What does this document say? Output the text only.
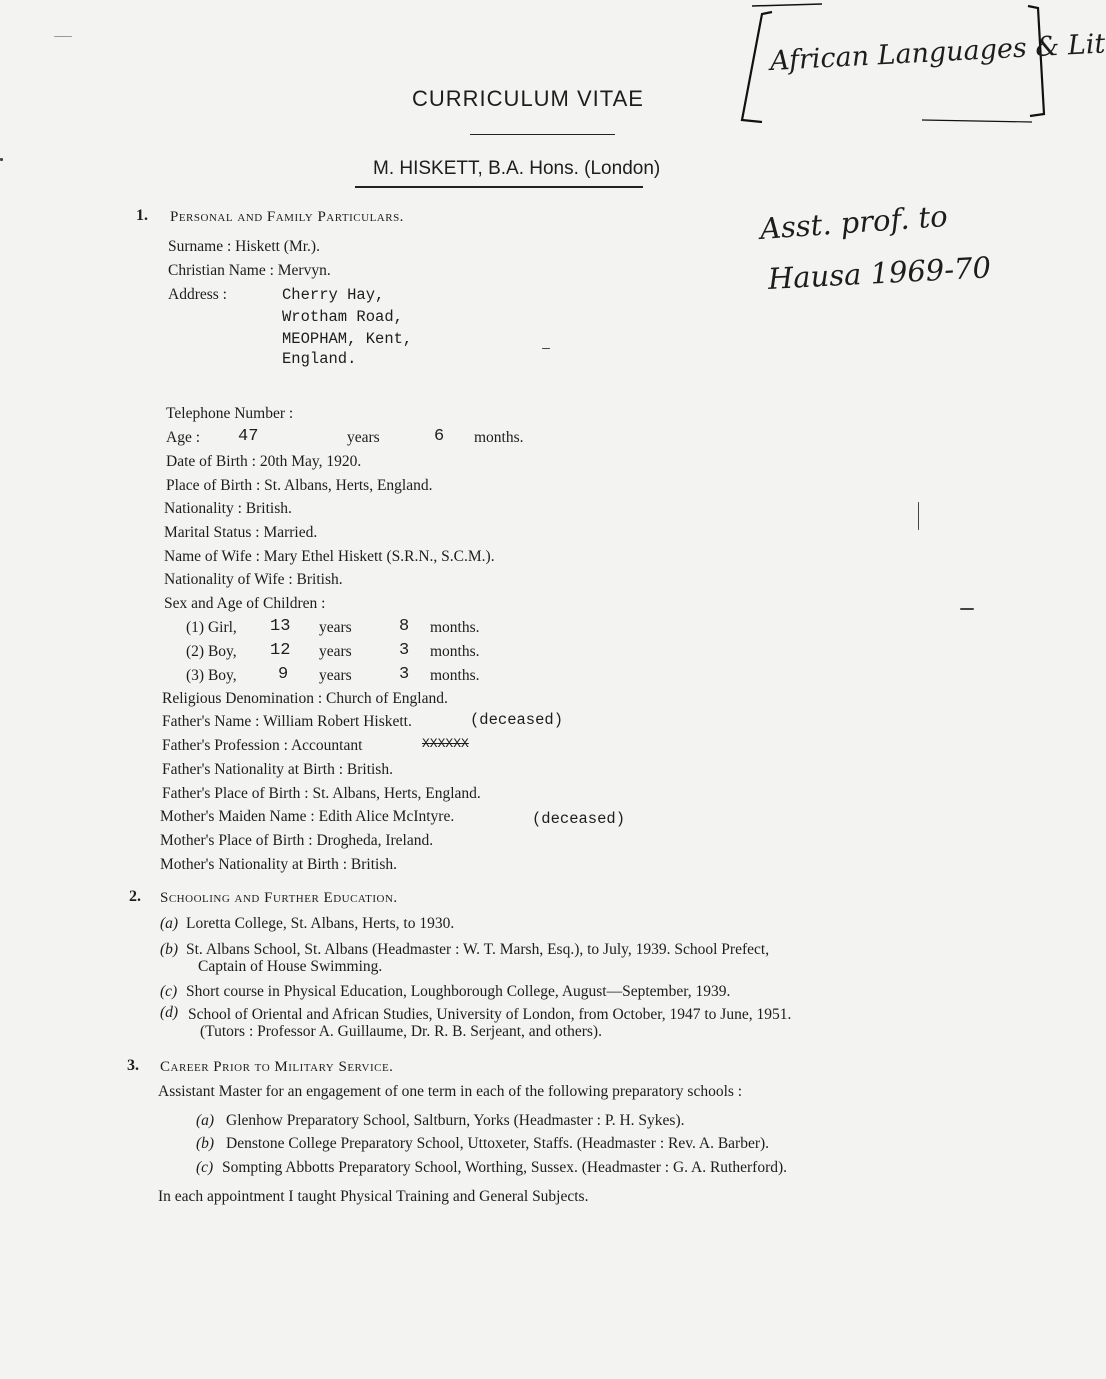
CURRICULUM VITAE
M. HISKETT, B.A. Hons. (London)
African Languages & Lit
Asst. prof. to
Hausa 1969-70
1. Personal and Family Particulars.
Surname : Hiskett (Mr.).
Christian Name : Mervyn.
Address :	Cherry Hay,
Wrotham Road,
MEOPHAM, Kent,
England.
Telephone Number :
Age : 47	years	6 months.
Date of Birth : 20th May, 1920.
Place of Birth : St. Albans, Herts, England.
Nationality : British.
Marital Status : Married.
Name of Wife : Mary Ethel Hiskett (S.R.N., S.C.M.).
Nationality of Wife : British.
Sex and Age of Children :
(1) Girl, 13 years	8 months.
(2) Boy, 12 years	3 months.
(3) Boy, 9 years	3 months.
Religious Denomination : Church of England.
Father's Name : William Robert Hiskett.	(deceased)
Father's Profession : Accountant	XXXXXX
Father's Nationality at Birth : British.
Father's Place of Birth : St. Albans, Herts, England.
Mother's Maiden Name : Edith Alice McIntyre.	(deceased)
Mother's Place of Birth : Drogheda, Ireland.
Mother's Nationality at Birth : British.
2. Schooling and Further Education.
(a) Loretta College, St. Albans, Herts, to 1930.
(b) St. Albans School, St. Albans (Headmaster : W. T. Marsh, Esq.), to July, 1939. School Prefect,
Captain of House Swimming.
(c) Short course in Physical Education, Loughborough College, August—September, 1939.
(d) School of Oriental and African Studies, University of London, from October, 1947 to June, 1951.
(Tutors : Professor A. Guillaume, Dr. R. B. Serjeant, and others).
3. Career Prior to Military Service.
Assistant Master for an engagement of one term in each of the following preparatory schools :
(a) Glenhow Preparatory School, Saltburn, Yorks (Headmaster : P. H. Sykes).
(b) Denstone College Preparatory School, Uttoxeter, Staffs. (Headmaster : Rev. A. Barber).
(c) Sompting Abbotts Preparatory School, Worthing, Sussex. (Headmaster : G. A. Rutherford).
In each appointment I taught Physical Training and General Subjects.
